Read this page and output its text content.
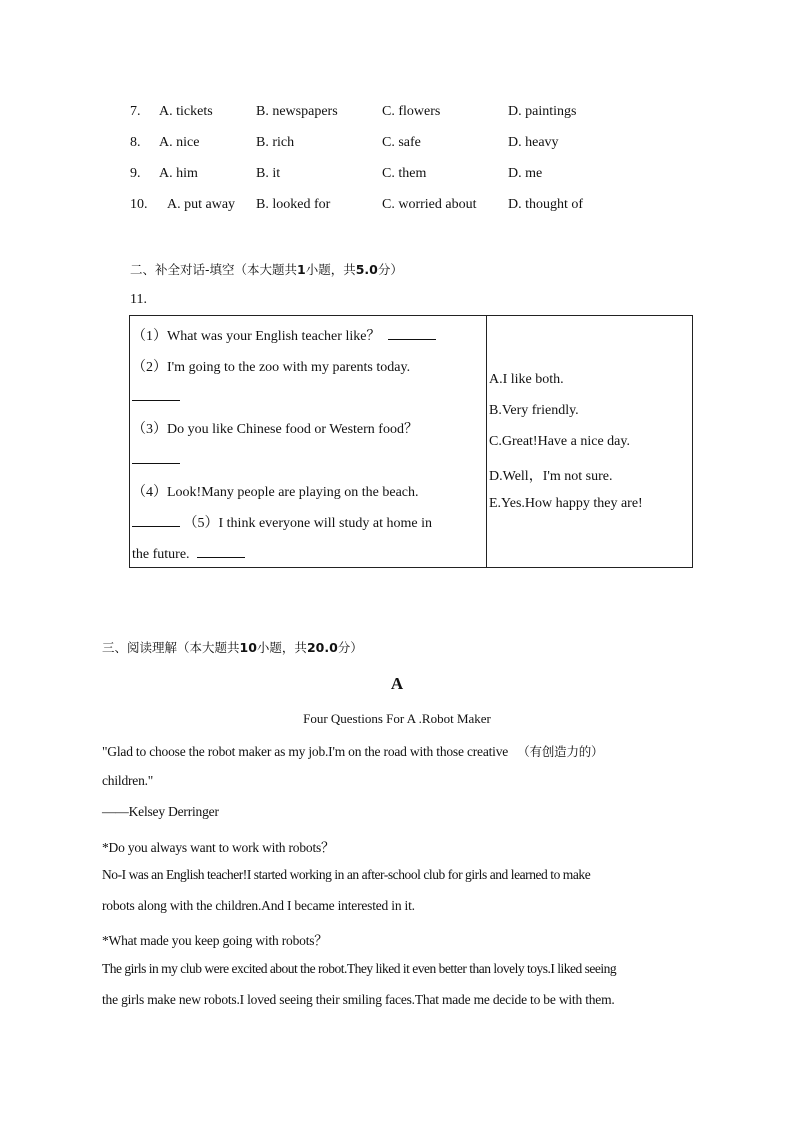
7. A. tickets	B. newspapers	C. flowers	D. paintings
8. A. nice	B. rich	C. safe	D. heavy
9. A. him	B. it	C. them	D. me
10. A. put away B. looked for	C. worried about D. thought of
二、补全对话-填空（本大题共1小题，共5.0分）
11.
（1）What was your English teacher like？
（2）I'm going to the zoo with my parents today.
（3）Do you like Chinese food or Western food？
（4）Look!Many people are playing on the beach.
（5）I think everyone will study at home in
the future.

A.I like both.
B.Very friendly.
C.Great!Have a nice day.
D.Well，I'm not sure.
E.Yes.How happy they are!
三、阅读理解（本大题共10小题，共20.0分）
A
Four Questions For A .Robot Maker
"Glad to choose the robot maker as my job.I'm on the road with those creative （有创造力的）
children."
——Kelsey Derringer
*Do you always want to work with robots？
No-I was an English teacher!I started working in an after-school club for girls and learned to make
robots along with the children.And I became interested in it.
*What made you keep going with robots？
The girls in my club were excited about the robot.They liked it even better than lovely toys.I liked seeing
the girls make new robots.I loved seeing their smiling faces.That made me decide to be with them.
